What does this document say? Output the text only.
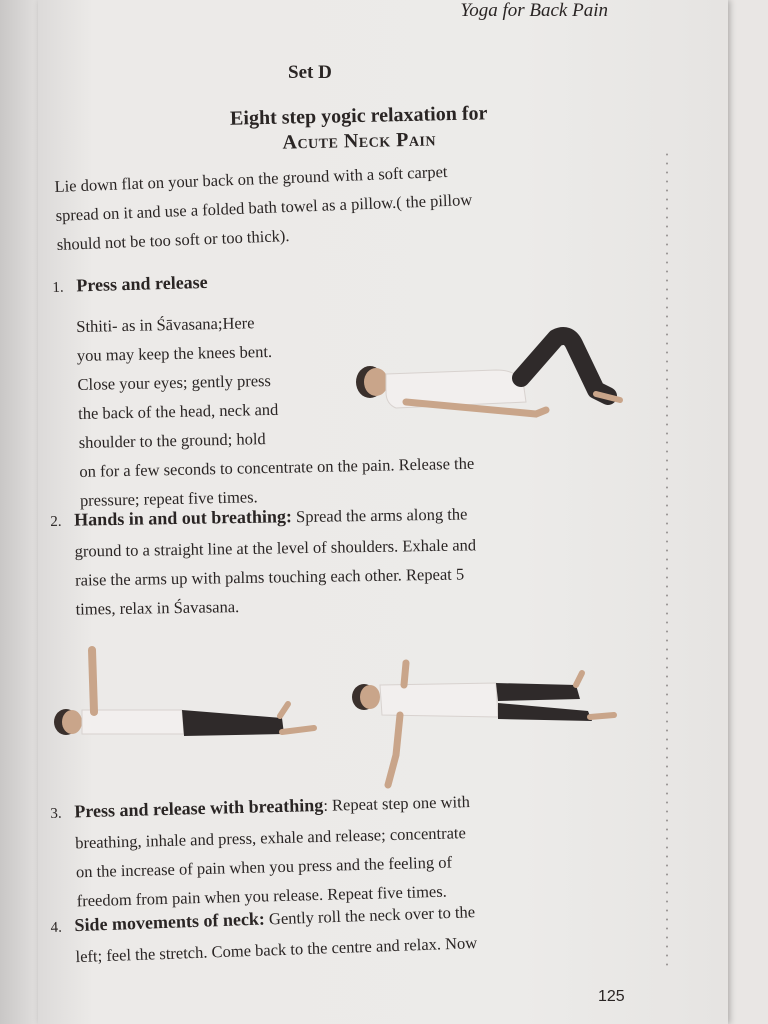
Yoga for Back Pain
Set D
Eight step yogic relaxation for
Acute Neck Pain
Lie down flat on your back on the ground with a soft carpet
spread on it and use a folded bath towel as a pillow.( the pillow
should not be too soft or too thick).
1. Press and release
Sthiti- as in Śāvasana;Here
you may keep the knees bent.
Close your eyes; gently press
the back of the head, neck and
shoulder to the ground; hold
on for a few seconds to concentrate on the pain. Release the
pressure; repeat five times.
2. Hands in and out breathing: Spread the arms along the
ground to a straight line at the level of shoulders. Exhale and
raise the arms up with palms touching each other. Repeat 5
times, relax in Śavasana.
3. Press and release with breathing: Repeat step one with
breathing, inhale and press, exhale and release; concentrate
on the increase of pain when you press and the feeling of
freedom from pain when you release. Repeat five times.
4. Side movements of neck: Gently roll the neck over to the
left; feel the stretch. Come back to the centre and relax. Now
125
